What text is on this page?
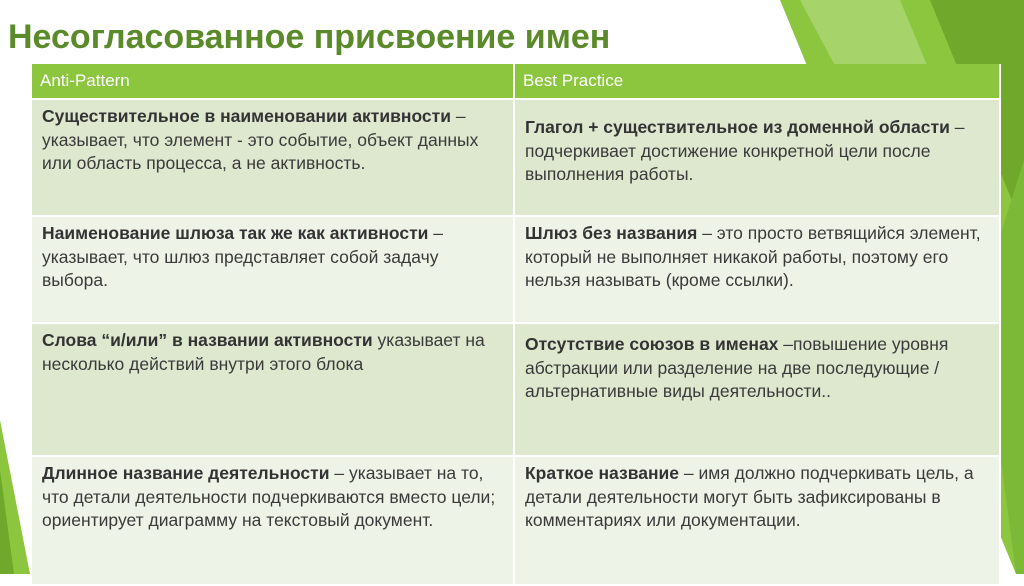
Несогласованное присвоение имен
Anti-Pattern	Best Practice
Существительное в наименовании активности – указывает, что элемент - это событие, объект данных или область процесса, а не активность.	Глагол + существительное из доменной области – подчеркивает достижение конкретной цели после выполнения работы.
Наименование шлюза так же как активности – указывает, что шлюз представляет собой задачу выбора.	Шлюз без названия – это просто ветвящийся элемент, который не выполняет никакой работы, поэтому его нельзя называть (кроме ссылки).
Слова “и/или” в названии активности указывает на несколько действий внутри этого блока	Отсутствие союзов в именах –повышение уровня абстракции или разделение на две последующие / альтернативные виды деятельности..
Длинное название деятельности – указывает на то, что детали деятельности подчеркиваются вместо цели; ориентирует диаграмму на текстовый документ.	Краткое название – имя должно подчеркивать цель, а детали деятельности могут быть зафиксированы в комментариях или документации.
